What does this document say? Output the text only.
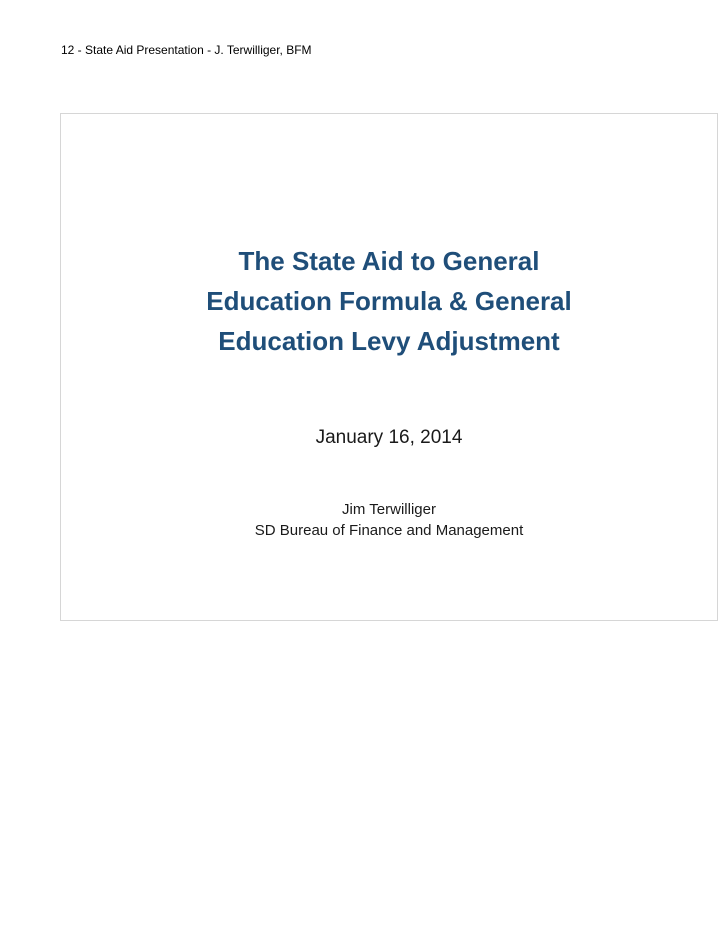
12 - State Aid Presentation - J. Terwilliger, BFM
The State Aid to General
Education Formula & General
Education Levy Adjustment
January 16, 2014
Jim Terwilliger
SD Bureau of Finance and Management
